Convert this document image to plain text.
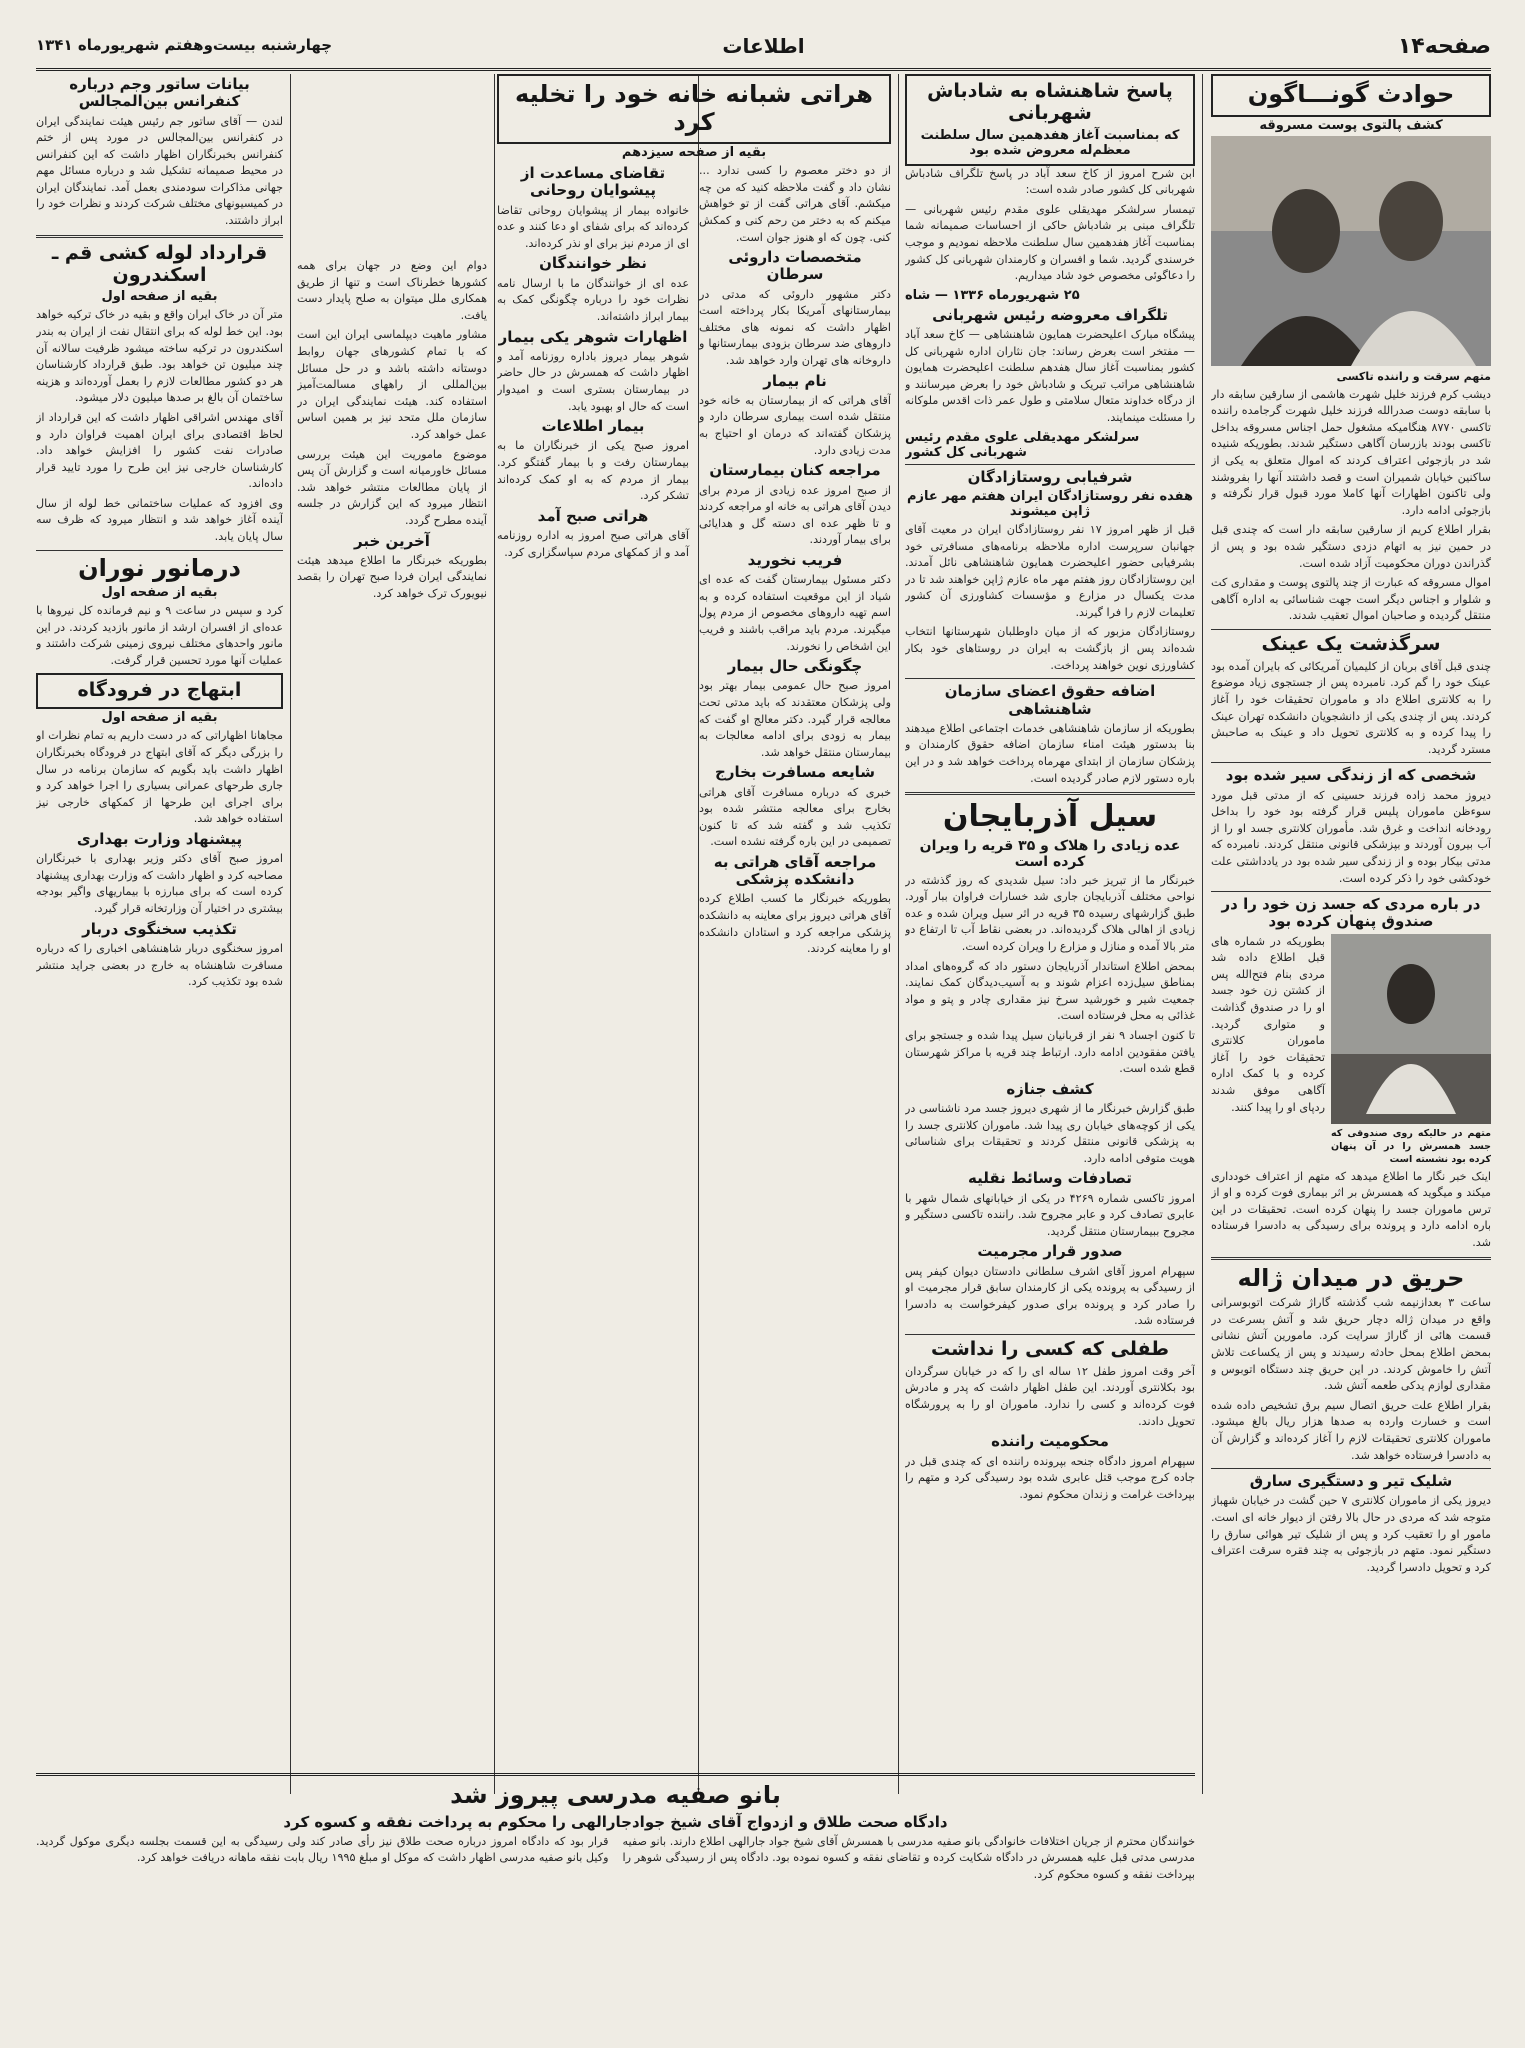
صفحه۱۴
اطلاعات
چهارشنبه بیست‌وهفتم شهریورماه ۱۳۴۱
حوادث گونـــاگون
کشف پالتوی پوست مسروقه
متهم سرقت و راننده تاکسی

دیشب کرم فرزند خلیل شهرت هاشمی از سارقین سابقه دار با سابقه دوست صدرالله فرزند خلیل شهرت گرجامده راننده تاکسی ۸۷۷۰ هنگامیکه مشغول حمل اجناس مسروقه بداخل تاکسی بودند بازرسان آگاهی دستگیر شدند. بطوریکه شنیده شد در بازجوئی اعتراف کردند که اموال متعلق به یکی از ساکنین خیابان شمیران است و قصد داشتند آنها را بفروشند ولی تاکنون اظهارات آنها کاملا مورد قبول قرار نگرفته و بازجوئی ادامه دارد.

بقرار اطلاع کریم از سارقین سابقه دار است که چندی قبل در حمین نیز به اتهام دزدی دستگیر شده بود و پس از گذراندن دوران محکومیت آزاد شده است.

اموال مسروقه که عبارت از چند پالتوی پوست و مقداری کت و شلوار و اجناس دیگر است جهت شناسائی به اداره آگاهی منتقل گردیده و صاحبان اموال تعقیب شدند.

سرگذشت یک عینک

چندی قبل آقای بربان از کلیمیان آمریکائی که بایران آمده بود عینک خود را گم کرد. نامبرده پس از جستجوی زیاد موضوع را به کلانتری اطلاع داد و ماموران تحقیقات خود را آغاز کردند. پس از چندی یکی از دانشجویان دانشکده تهران عینک را پیدا کرده و به کلانتری تحویل داد و عینک به صاحبش مسترد گردید.

شخصی که از زندگی سیر شده بود

دیروز محمد زاده فرزند حسینی که از مدتی قبل مورد سوءظن ماموران پلیس قرار گرفته بود خود را بداخل رودخانه انداخت و غرق شد. مأموران کلانتری جسد او را از آب بیرون آوردند و بپزشکی قانونی منتقل کردند. نامبرده که مدتی بیکار بوده و از زندگی سیر شده بود در یادداشتی علت خودکشی خود را ذکر کرده است.

در باره مردی که جسد زن خود را در صندوق پنهان کرده بود
متهم در حالیکه روی صندوقی که جسد همسرش را در آن پنهان کرده بود نشسته است

بطوریکه در شماره های قبل اطلاع داده شد مردی بنام فتح‌الله پس از کشتن زن خود جسد او را در صندوق گذاشت و متواری گردید. ماموران کلانتری تحقیقات خود را آغاز کرده و با کمک اداره آگاهی موفق شدند ردپای او را پیدا کنند.

اینک خبر نگار ما اطلاع میدهد که متهم از اعتراف خودداری میکند و میگوید که همسرش بر اثر بیماری فوت کرده و او از ترس ماموران جسد را پنهان کرده است. تحقیقات در این باره ادامه دارد و پرونده برای رسیدگی به دادسرا فرستاده شد.

حریق در میدان ژاله

ساعت ۳ بعدازنیمه شب گذشته گاراژ شرکت اتوبوسرانی واقع در میدان ژاله دچار حریق شد و آتش بسرعت در قسمت هائی از گاراژ سرایت کرد. مامورین آتش نشانی بمحض اطلاع بمحل حادثه رسیدند و پس از یکساعت تلاش آتش را خاموش کردند. در این حریق چند دستگاه اتوبوس و مقداری لوازم یدکی طعمه آتش شد.

بقرار اطلاع علت حریق اتصال سیم برق تشخیص داده شده است و خسارت وارده به صدها هزار ریال بالغ میشود. ماموران کلانتری تحقیقات لازم را آغاز کرده‌اند و گزارش آن به دادسرا فرستاده خواهد شد.

شلیک تیر و دستگیری سارق

دیروز یکی از ماموران کلانتری ۷ حین گشت در خیابان شهباز متوجه شد که مردی در حال بالا رفتن از دیوار خانه ای است. مامور او را تعقیب کرد و پس از شلیک تیر هوائی سارق را دستگیر نمود. متهم در بازجوئی به چند فقره سرقت اعتراف کرد و تحویل دادسرا گردید.

پاسخ شاهنشاه به شادباش شهربانی
که بمناسبت آغاز هفدهمین سال سلطنت معظم‌له معروض شده بود

ابن شرح امروز از کاخ سعد آباد در پاسخ تلگراف شادباش شهربانی کل کشور صادر شده است:

تیمسار سرلشکر مهدیقلی علوی مقدم رئیس شهربانی — تلگراف مبنی بر شادباش حاکی از احساسات صمیمانه شما بمناسبت آغاز هفدهمین سال سلطنت ملاحظه نمودیم و موجب خرسندی گردید. شما و افسران و کارمندان شهربانی کل کشور را دعاگوئی مخصوص خود شاد میداریم.

۲۵ شهریورماه ۱۳۳۶ — شاه
تلگراف معروضه رئیس شهربانی

پیشگاه مبارک اعلیحضرت همایون شاهنشاهی — کاخ سعد آباد — مفتخر است بعرض رساند: جان نثاران اداره شهربانی کل کشور بمناسبت آغاز سال هفدهم سلطنت اعلیحضرت همایون شاهنشاهی مراتب تبریک و شادباش خود را بعرض میرسانند و از درگاه خداوند متعال سلامتی و طول عمر ذات اقدس ملوکانه را مسئلت مینمایند.

سرلشکر مهدیقلی علوی مقدم رئیس شهربانی کل کشور
شرفیابی روستازادگان
هفده نفر روستازادگان ایران هفتم مهر عازم ژاپن میشوند

قبل از ظهر امروز ۱۷ نفر روستازادگان ایران در معیت آقای جهانبان سرپرست اداره ملاحظه برنامه‌های مسافرتی خود بشرفیابی حضور اعلیحضرت همایون شاهنشاهی نائل آمدند. این روستازادگان روز هفتم مهر ماه عازم ژاپن خواهند شد تا در مدت یکسال در مزارع و مؤسسات کشاورزی آن کشور تعلیمات لازم را فرا گیرند.

روستازادگان مزبور که از میان داوطلبان شهرستانها انتخاب شده‌اند پس از بازگشت به ایران در روستاهای خود بکار کشاورزی نوین خواهند پرداخت.

اضافه حقوق اعضای سازمان شاهنشاهی

بطوریکه از سازمان شاهنشاهی خدمات اجتماعی اطلاع میدهند بنا بدستور هیئت امناء سازمان اضافه حقوق کارمندان و پزشکان سازمان از ابتدای مهرماه پرداخت خواهد شد و در این باره دستور لازم صادر گردیده است.

سیل آذربایجان
عده زیادی را هلاک و ۳۵ قریه را ویران کرده است

خبرنگار ما از تبریز خبر داد: سیل شدیدی که روز گذشته در نواحی مختلف آذربایجان جاری شد خسارات فراوان ببار آورد. طبق گزارشهای رسیده ۳۵ قریه در اثر سیل ویران شده و عده زیادی از اهالی هلاک گردیده‌اند. در بعضی نقاط آب تا ارتفاع دو متر بالا آمده و منازل و مزارع را ویران کرده است.

بمحض اطلاع استاندار آذربایجان دستور داد که گروه‌های امداد بمناطق سیل‌زده اعزام شوند و به آسیب‌دیدگان کمک نمایند. جمعیت شیر و خورشید سرخ نیز مقداری چادر و پتو و مواد غذائی به محل فرستاده است.

تا کنون اجساد ۹ نفر از قربانیان سیل پیدا شده و جستجو برای یافتن مفقودین ادامه دارد. ارتباط چند قریه با مراکز شهرستان قطع شده است.

کشف جنازه

طبق گزارش خبرنگار ما از شهری دیروز جسد مرد ناشناسی در یکی از کوچه‌های خیابان ری پیدا شد. ماموران کلانتری جسد را به پزشکی قانونی منتقل کردند و تحقیقات برای شناسائی هویت متوفی ادامه دارد.

تصادفات وسائط نقلیه

امروز تاکسی شماره ۴۲۶۹ در یکی از خیابانهای شمال شهر با عابری تصادف کرد و عابر مجروح شد. راننده تاکسی دستگیر و مجروح ببیمارستان منتقل گردید.

صدور قرار مجرمیت

سپهرام امروز آقای اشرف سلطانی دادستان دیوان کیفر پس از رسیدگی به پرونده یکی از کارمندان سابق قرار مجرمیت او را صادر کرد و پرونده برای صدور کیفرخواست به دادسرا فرستاده شد.

طفلی که کسی را نداشت

آخر وقت امروز طفل ۱۲ ساله ای را که در خیابان سرگردان بود بکلانتری آوردند. این طفل اظهار داشت که پدر و مادرش فوت کرده‌اند و کسی را ندارد. ماموران او را به پرورشگاه تحویل دادند.

محکومیت راننده

سپهرام امروز دادگاه جنحه بپرونده راننده ای که چندی قبل در جاده کرج موجب قتل عابری شده بود رسیدگی کرد و متهم را بپرداخت غرامت و زندان محکوم نمود.

هراتی شبانه خانه خود را تخلیه کرد
بقیه از صفحه سیزدهم

از دو دختر معصوم را کسی ندارد ... نشان داد و گفت ملاحظه کنید که من چه میکشم. آقای هراتی گفت از تو خواهش میکنم که به دختر من رحم کنی و کمکش کنی. چون که او هنوز جوان است.

متخصصات داروئی سرطان

دکتر مشهور داروئی که مدتی در بیمارستانهای آمریکا بکار پرداخته است اظهار داشت که نمونه های مختلف داروهای ضد سرطان بزودی بیمارستانها و داروخانه های تهران وارد خواهد شد.

نام بیمار

آقای هراتی که از بیمارستان به خانه خود منتقل شده است بیماری سرطان دارد و پزشکان گفته‌اند که درمان او احتیاج به مدت زیادی دارد.

مراجعه کنان بیمارستان

از صبح امروز عده زیادی از مردم برای دیدن آقای هراتی به خانه او مراجعه کردند و تا ظهر عده ای دسته گل و هدایائی برای بیمار آوردند.

فریب نخورید

دکتر مسئول بیمارستان گفت که عده ای شیاد از این موقعیت استفاده کرده و به اسم تهیه داروهای مخصوص از مردم پول میگیرند. مردم باید مراقب باشند و فریب این اشخاص را نخورند.

چگونگی حال بیمار

امروز صبح حال عمومی بیمار بهتر بود ولی پزشکان معتقدند که باید مدتی تحت معالجه قرار گیرد. دکتر معالج او گفت که بیمار به زودی برای ادامه معالجات به بیمارستان منتقل خواهد شد.

شایعه مسافرت بخارج

خبری که درباره مسافرت آقای هراتی بخارج برای معالجه منتشر شده بود تکذیب شد و گفته شد که تا کنون تصمیمی در این باره گرفته نشده است.

مراجعه آقای هراتی به دانشکده پزشکی

بطوریکه خبرنگار ما کسب اطلاع کرده آقای هراتی دیروز برای معاینه به دانشکده پزشکی مراجعه کرد و استادان دانشکده او را معاینه کردند.

تقاضای مساعدت از پیشوایان روحانی

خانواده بیمار از پیشوایان روحانی تقاضا کرده‌اند که برای شفای او دعا کنند و عده ای از مردم نیز برای او نذر کرده‌اند.

نظر خوانندگان

عده ای از خوانندگان ما با ارسال نامه نظرات خود را درباره چگونگی کمک به بیمار ابراز داشته‌اند.

اظهارات شوهر یکی بیمار

شوهر بیمار دیروز باداره روزنامه آمد و اظهار داشت که همسرش در حال حاضر در بیمارستان بستری است و امیدوار است که حال او بهبود یابد.

بیمار اطلاعات

امروز صبح یکی از خبرنگاران ما به بیمارستان رفت و با بیمار گفتگو کرد. بیمار از مردم که به او کمک کرده‌اند تشکر کرد.

هراتی صبح آمد

آقای هراتی صبح امروز به اداره روزنامه آمد و از کمکهای مردم سپاسگزاری کرد.

دوام این وضع در جهان برای همه کشورها خطرناک است و تنها از طریق همکاری ملل میتوان به صلح پایدار دست یافت.

مشاور ماهیت دیپلماسی ایران این است که با تمام کشورهای جهان روابط دوستانه داشته باشد و در حل مسائل بین‌المللی از راههای مسالمت‌آمیز استفاده کند. هیئت نمایندگی ایران در سازمان ملل متحد نیز بر همین اساس عمل خواهد کرد.

موضوع ماموریت این هیئت بررسی مسائل خاورمیانه است و گزارش آن پس از پایان مطالعات منتشر خواهد شد. انتظار میرود که این گزارش در جلسه آینده مطرح گردد.

آخرین خبر

بطوریکه خبرنگار ما اطلاع میدهد هیئت نمایندگی ایران فردا صبح تهران را بقصد نیویورک ترک خواهد کرد.

بیانات ساتور وجم درباره کنفرانس بین‌المجالس

لندن — آقای ساتور جم رئیس هیئت نمایندگی ایران در کنفرانس بین‌المجالس در مورد پس از ختم کنفرانس بخبرنگاران اظهار داشت که این کنفرانس در محیط صمیمانه تشکیل شد و درباره مسائل مهم جهانی مذاکرات سودمندی بعمل آمد. نمایندگان ایران در کمیسیونهای مختلف شرکت کردند و نظرات خود را ابراز داشتند.

قرارداد لوله کشی قم ـ اسکندرون
بقیه از صفحه اول

متر آن در خاک ایران واقع و بقیه در خاک ترکیه خواهد بود. این خط لوله که برای انتقال نفت از ایران به بندر اسکندرون در ترکیه ساخته میشود ظرفیت سالانه آن چند میلیون تن خواهد بود. طبق قرارداد کارشناسان هر دو کشور مطالعات لازم را بعمل آورده‌اند و هزینه ساختمان آن بالغ بر صدها میلیون دلار میشود.

آقای مهندس اشراقی اظهار داشت که این قرارداد از لحاظ اقتصادی برای ایران اهمیت فراوان دارد و صادرات نفت کشور را افزایش خواهد داد. کارشناسان خارجی نیز این طرح را مورد تایید قرار داده‌اند.

وی افزود که عملیات ساختمانی خط لوله از سال آینده آغاز خواهد شد و انتظار میرود که ظرف سه سال پایان یابد.

درمانور نوران
بقیه از صفحه اول

کرد و سپس در ساعت ۹ و نیم فرمانده کل نیروها با عده‌ای از افسران ارشد از مانور بازدید کردند. در این مانور واحدهای مختلف نیروی زمینی شرکت داشتند و عملیات آنها مورد تحسین قرار گرفت.

ابتهاج در فرودگاه
بقیه از صفحه اول

مجاهانا اظهاراتی که در دست داریم به تمام نظرات او را بزرگی دیگر که آقای ابتهاج در فرودگاه بخبرنگاران اظهار داشت باید بگویم که سازمان برنامه در سال جاری طرحهای عمرانی بسیاری را اجرا خواهد کرد و برای اجرای این طرحها از کمکهای خارجی نیز استفاده خواهد شد.

پیشنهاد وزارت بهداری

امروز صبح آقای دکتر وزیر بهداری با خبرنگاران مصاحبه کرد و اظهار داشت که وزارت بهداری پیشنهاد کرده است که برای مبارزه با بیماریهای واگیر بودجه بیشتری در اختیار آن وزارتخانه قرار گیرد.

تکذیب سخنگوی دربار

امروز سخنگوی دربار شاهنشاهی اخباری را که درباره مسافرت شاهنشاه به خارج در بعضی جراید منتشر شده بود تکذیب کرد.

بانو صفیه مدرسی پیروز شد
دادگاه صحت طلاق و ازدواج آقای شیخ جوادجارالهی را محکوم به پرداخت نفقه و کسوه کرد

خوانندگان محترم از جریان اختلافات خانوادگی بانو صفیه مدرسی با همسرش آقای شیخ جواد جارالهی اطلاع دارند. بانو صفیه مدرسی مدتی قبل علیه همسرش در دادگاه شکایت کرده و تقاضای نفقه و کسوه نموده بود. دادگاه پس از رسیدگی شوهر را بپرداخت نفقه و کسوه محکوم کرد.

قرار بود که دادگاه امروز درباره صحت طلاق نیز رأی صادر کند ولی رسیدگی به این قسمت بجلسه دیگری موکول گردید. وکیل بانو صفیه مدرسی اظهار داشت که موکل او مبلغ ۱۹۹۵ ریال بابت نفقه ماهانه دریافت خواهد کرد.
